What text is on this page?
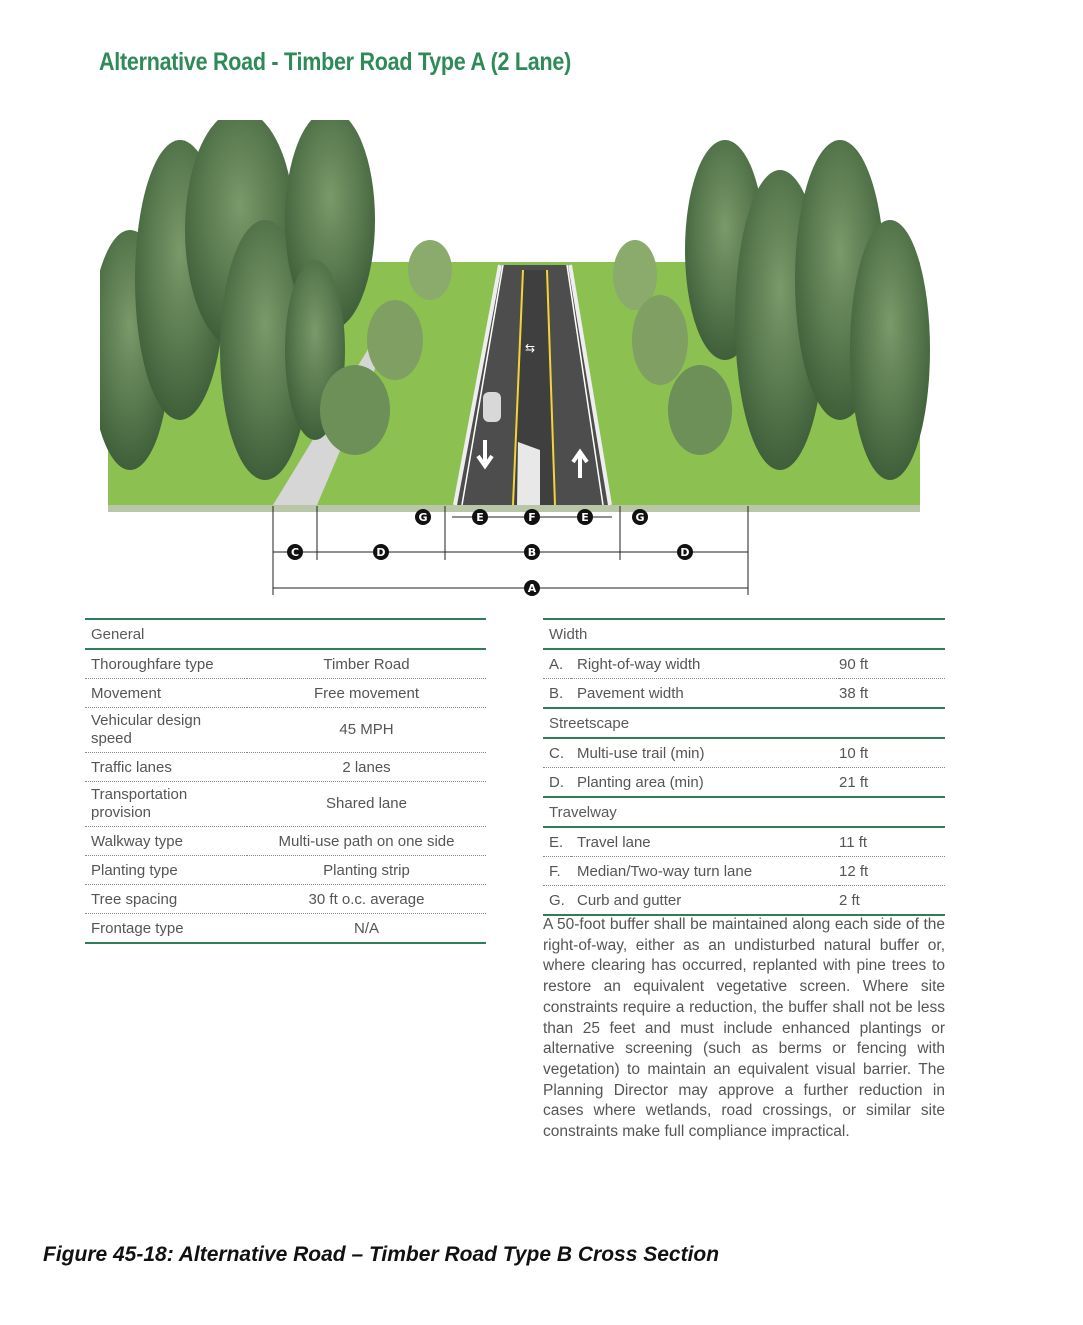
Alternative Road - Timber Road Type A (2 Lane)
⇆
G	E	F	E	G
C	D	B	D
A
General	
Thoroughfare type	Timber Road
Movement	Free movement
Vehicular design speed	45 MPH
Traffic lanes	2 lanes
Transportation provision	Shared lane
Walkway type	Multi-use path on one side
Planting type	Planting strip
Tree spacing	30 ft o.c. average
Frontage type	N/A
Width		
A.	Right-of-way width	90 ft
B.	Pavement width	38 ft
Streetscape		
C.	Multi-use trail (min)	10 ft
D.	Planting area (min)	21 ft
Travelway		
E.	Travel lane	11 ft
F.	Median/Two-way turn lane	12 ft
G.	Curb and gutter	2 ft
A 50-foot buffer shall be maintained along each side of the right-of-way, either as an undisturbed natural buffer or, where clearing has occurred, replanted with pine trees to restore an equivalent vegetative screen. Where site constraints require a reduction, the buffer shall not be less than 25 feet and must include enhanced plantings or alternative screening (such as berms or fencing with vegetation) to maintain an equivalent visual barrier. The Planning Director may approve a further reduction in cases where wetlands, road crossings, or similar site constraints make full compliance impractical.
Figure 45-18: Alternative Road – Timber Road Type B Cross Section
